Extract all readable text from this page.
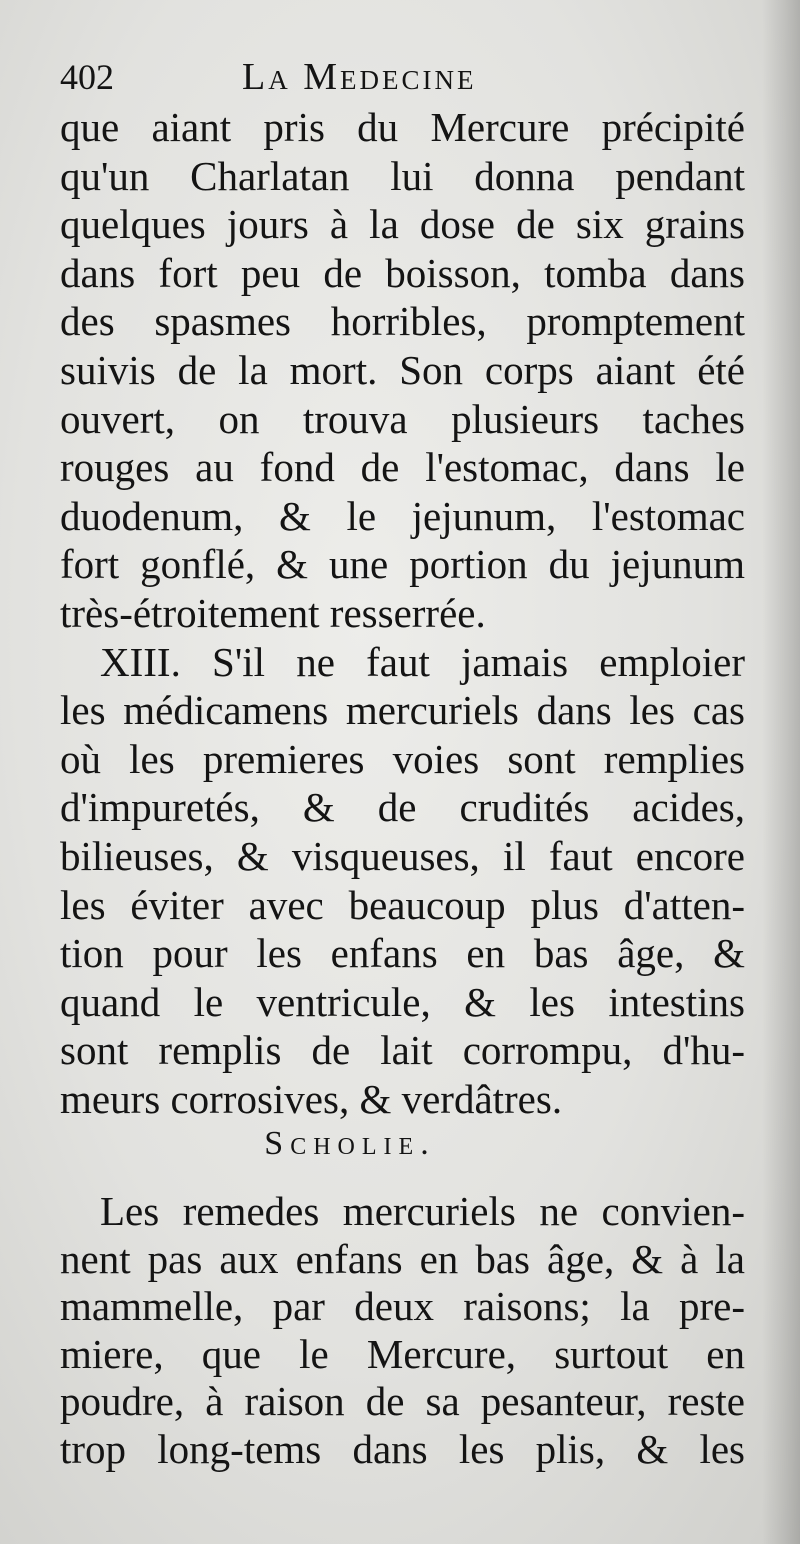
402	La Medecine
que aiant pris du Mercure précipité
qu'un Charlatan lui donna pendant
quelques jours à la dose de six grains
dans fort peu de boisson, tomba dans
des spasmes horribles, promptement
suivis de la mort. Son corps aiant été
ouvert, on trouva plusieurs taches
rouges au fond de l'estomac, dans le
duodenum, & le jejunum, l'estomac
fort gonflé, & une portion du jejunum
très-étroitement resserrée.
XIII. S'il ne faut jamais emploier
les médicamens mercuriels dans les cas
où les premieres voies sont remplies
d'impuretés, & de crudités acides,
bilieuses, & visqueuses, il faut encore
les éviter avec beaucoup plus d'atten-
tion pour les enfans en bas âge, &
quand le ventricule, & les intestins
sont remplis de lait corrompu, d'hu-
meurs corrosives, & verdâtres.
Scholie.
Les remedes mercuriels ne convien-
nent pas aux enfans en bas âge, & à la
mammelle, par deux raisons; la pre-
miere, que le Mercure, surtout en
poudre, à raison de sa pesanteur, reste
trop long-tems dans les plis, & les
